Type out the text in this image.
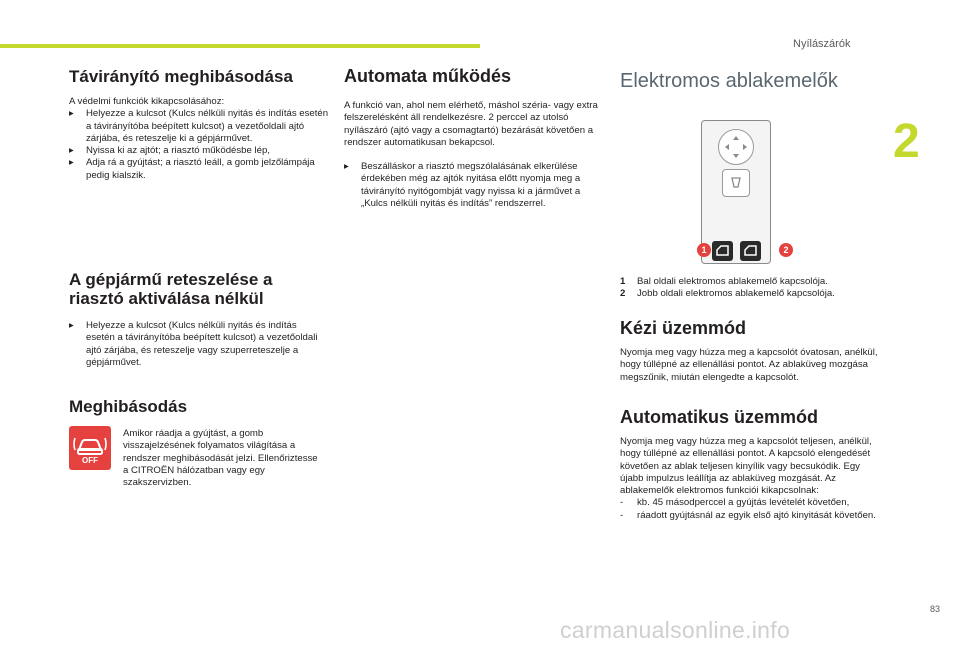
Nyílászárók
2
83
carmanualsonline.info
Távirányító meghibásodása

A védelmi funkciók kikapcsolásához:

▸ Helyezze a kulcsot (Kulcs nélküli nyitás és indítás esetén a távirányítóba beépített kulcsot) a vezetőoldali ajtó zárjába, és reteszelje ki a gépjárművet.
▸ Nyissa ki az ajtót; a riasztó működésbe lép,
▸ Adja rá a gyújtást; a riasztó leáll, a gomb jelzőlámpája pedig kialszik.
A gépjármű reteszelése a riasztó aktiválása nélkül
▸ Helyezze a kulcsot (Kulcs nélküli nyitás és indítás esetén a távirányítóba beépített kulcsot) a vezetőoldali ajtó zárjába, és reteszelje vagy szuperreteszelje a gépjárművet.
Meghibásodás
OFF

Amikor ráadja a gyújtást, a gomb visszajelzésének folyamatos világítása a rendszer meghibásodását jelzi. Ellenőriztesse a CITROËN hálózatban vagy egy szakszervizben.

Automata működés

A funkció van, ahol nem elérhető, máshol széria- vagy extra felszerelésként áll rendelkezésre. 2 perccel az utolsó nyílászáró (ajtó vagy a csomagtartó) bezárását követően a rendszer automatikusan bekapcsol.

▸ Beszálláskor a riasztó megszólalásának elkerülése érdekében még az ajtók nyitása előtt nyomja meg a távirányító nyitógombját vagy nyissa ki a járművet a „Kulcs nélküli nyitás és indítás” rendszerrel.
Elektromos ablakemelők
1	2
1 Bal oldali elektromos ablakemelő kapcsolója.
2 Jobb oldali elektromos ablakemelő kapcsolója.
Kézi üzemmód

Nyomja meg vagy húzza meg a kapcsolót óvatosan, anélkül, hogy túllépné az ellenállási pontot. Az ablaküveg mozgása megszűnik, miután elengedte a kapcsolót.

Automatikus üzemmód

Nyomja meg vagy húzza meg a kapcsolót teljesen, anélkül, hogy túllépné az ellenállási pontot. A kapcsoló elengedését követően az ablak teljesen kinyílik vagy becsukódik. Egy újabb impulzus leállítja az ablaküveg mozgását. Az ablakemelők elektromos funkciói kikapcsolnak:

- kb. 45 másodperccel a gyújtás levételét követően,
- ráadott gyújtásnál az egyik első ajtó kinyitását követően.
